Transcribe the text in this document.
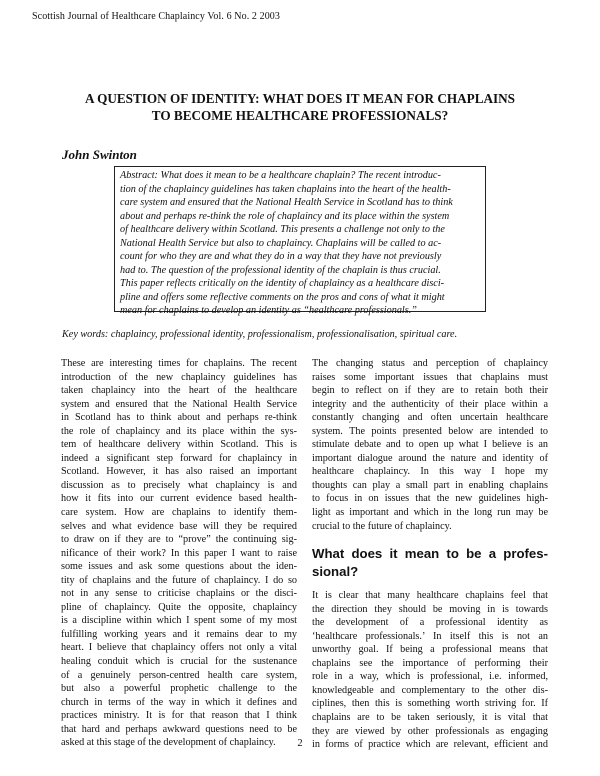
Scottish Journal of Healthcare Chaplaincy Vol. 6 No. 2 2003
A QUESTION OF IDENTITY: WHAT DOES IT MEAN FOR CHAPLAINS
TO BECOME HEALTHCARE PROFESSIONALS?
John Swinton
Abstract: What does it mean to be a healthcare chaplain? The recent introduc-
tion of the chaplaincy guidelines has taken chaplains into the heart of the health-
care system and ensured that the National Health Service in Scotland has to think
about and perhaps re-think the role of chaplaincy and its place within the system
of healthcare delivery within Scotland. This presents a challenge not only to the
National Health Service but also to chaplaincy. Chaplains will be called to ac-
count for who they are and what they do in a way that they have not previously
had to. The question of the professional identity of the chaplain is thus crucial.
This paper reflects critically on the identity of chaplaincy as a healthcare disci-
pline and offers some reflective comments on the pros and cons of what it might
mean for chaplains to develop an identity as “healthcare professionals.”
Key words: chaplaincy, professional identity, professionalism, professionalisation, spiritual care.
These are interesting times for chaplains. The recent
introduction of the new chaplaincy guidelines has
taken chaplaincy into the heart of the healthcare
system and ensured that the National Health Service
in Scotland has to think about and perhaps re-think
the role of chaplaincy and its place within the sys-
tem of healthcare delivery within Scotland. This is
indeed a significant step forward for chaplaincy in
Scotland. However, it has also raised an important
discussion as to precisely what chaplaincy is and
how it fits into our current evidence based health-
care system. How are chaplains to identify them-
selves and what evidence base will they be required
to draw on if they are to “prove” the continuing sig-
nificance of their work? In this paper I want to raise
some issues and ask some questions about the iden-
tity of chaplains and the future of chaplaincy. I do so
not in any sense to criticise chaplains or the disci-
pline of chaplaincy. Quite the opposite, chaplaincy
is a discipline within which I spent some of my most
fulfilling working years and it remains dear to my
heart. I believe that chaplaincy offers not only a vital
healing conduit which is crucial for the sustenance
of a genuinely person-centred health care system,
but also a powerful prophetic challenge to the
church in terms of the way in which it defines and
practices ministry. It is for that reason that I think
that hard and perhaps awkward questions need to be
asked at this stage of the development of chaplaincy.
The changing status and perception of chaplaincy
raises some important issues that chaplains must
begin to reflect on if they are to retain both their
integrity and the authenticity of their place within a
constantly changing and often uncertain healthcare
system. The points presented below are intended to
stimulate debate and to open up what I believe is an
important dialogue around the nature and identity of
healthcare chaplaincy. In this way I hope my
thoughts can play a small part in enabling chaplains
to focus in on issues that the new guidelines high-
light as important and which in the long run may be
crucial to the future of chaplaincy.
What does it mean to be a profes-
sional?
It is clear that many healthcare chaplains feel that
the direction they should be moving in is towards
the development of a professional identity as
‘healthcare professionals.’ In itself this is not an
unworthy goal. If being a professional means that
chaplains see the importance of performing their
role in a way, which is professional, i.e. informed,
knowledgeable and complementary to the other dis-
ciplines, then this is something worth striving for. If
chaplains are to be taken seriously, it is vital that
they are viewed by other professionals as engaging
in forms of practice which are relevant, efficient and
2
